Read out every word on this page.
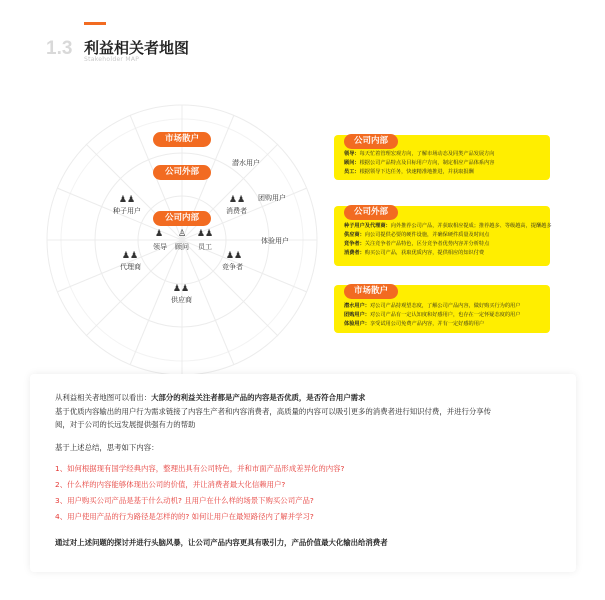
1.3 利益相关者地图
Stakeholder MAP
市场散户
公司外部
公司内部
♟
领导
♙
顾问
♟♟
员工
♟♟
种子用户
♟♟
消费者
♟♟
代理商
♟♟
竞争者
♟♟
供应商
潜水用户
团购用户
体验用户
公司内部
领导：每天忙着管理宏观方向，了解市场动态及同类产品发展方向
顾问：根据公司产品特点及目标用户方向，制定相应产品体系内容
员工：根据领导下达任务，快速精准地推进，并获取报酬
公司外部
种子用户及代理商：向外推荐公司产品，并获取相应提成；推荐越多、等级越高，提酬越多
供应商：向公司提供必要的硬件设施，并确保硬件质量及时间点
竞争者：关注竞争者产品特色，区分竞争者优势内容并分析特点
消费者：购买公司产品，获取优质内容，提供相应的知识付费
市场散户
潜水用户：对公司产品持观望态度，了解公司产品内容，做好购买行为的用户
团购用户：对公司产品有一定认知度和好感用户，也存在一定怀疑态度的用户
体验用户：享受试用公司免费产品内容，并有一定好感的用户
从利益相关者地图可以看出：大部分的利益关注者都是产品的内容是否优质，是否符合用户需求
基于优质内容输出的用户行为需求链接了内容生产者和内容消费者，高质量的内容可以吸引更多的消费者进行知识付费，并进行分享传
阅，对于公司的长远发展提供强有力的帮助
基于上述总结，思考如下内容：
1、如何根据现有国学经典内容，整理出具有公司特色，并和市面产品形成差异化的内容?
2、什么样的内容能够体现出公司的价值，并让消费者最大化信赖用户?
3、用户购买公司产品是基于什么动机? 且用户在什么样的场景下购买公司产品?
4、用户使用产品的行为路径是怎样的的? 如何让用户在最短路径内了解并学习?
通过对上述问题的探讨并进行头脑风暴，让公司产品内容更具有吸引力，产品价值最大化输出给消费者
